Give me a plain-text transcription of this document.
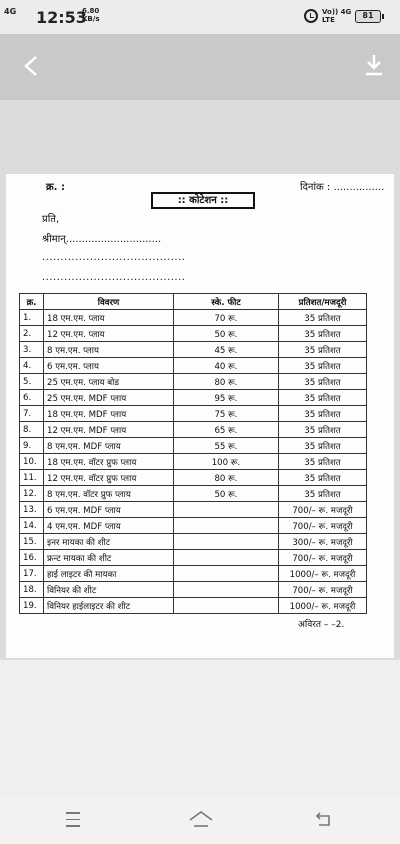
4G 12:53
6.80
KB/s
Vo)) 4G
LTE	81
क्र. :	दिनांक : ................
:: कोटेशन ::
प्रति,
श्रीमान्..............................
.......................................
.......................................
क्र.	विवरण	स्के. फीट	प्रतिशत/मजदूरी
1.	18 एम.एम. प्लाय	70 रू.	35 प्रतिशत
2.	12 एम.एम. प्लाय	50 रू.	35 प्रतिशत
3.	8 एम.एम. प्लाय	45 रू.	35 प्रतिशत
4.	6 एम.एम. प्लाय	40 रू.	35 प्रतिशत
5.	25 एम.एम. प्लाय बोड	80 रू.	35 प्रतिशत
6.	25 एम.एम. MDF प्लाय	95 रू.	35 प्रतिशत
7.	18 एम.एम. MDF प्लाय	75 रू.	35 प्रतिशत
8.	12 एम.एम. MDF प्लाय	65 रू.	35 प्रतिशत
9.	8 एम.एम. MDF प्लाय	55 रू.	35 प्रतिशत
10.	18 एम.एम. वॉटर प्रुफ प्लाय	100 रू.	35 प्रतिशत
11.	12 एम.एम. वॉटर प्रुफ प्लाय	80 रू.	35 प्रतिशत
12.	8 एम.एम. वॉटर प्रुफ प्लाय	50 रू.	35 प्रतिशत
13.	6 एम.एम. MDF प्लाय		700/– रू. मजदूरी
14.	4 एम.एम. MDF प्लाय		700/– रू. मजदूरी
15.	इनर मायका की शीट		300/– रू. मजदूरी
16.	फ्रन्ट मायका की शीट		700/– रू. मजदूरी
17.	हाई लाइटर की मायका		1000/– रू. मजदूरी
18.	विनियर की शीट		700/– रू. मजदूरी
19.	विनियर हाईलाइटर की शीट		1000/– रू. मजदूरी
अविरत – –2.
